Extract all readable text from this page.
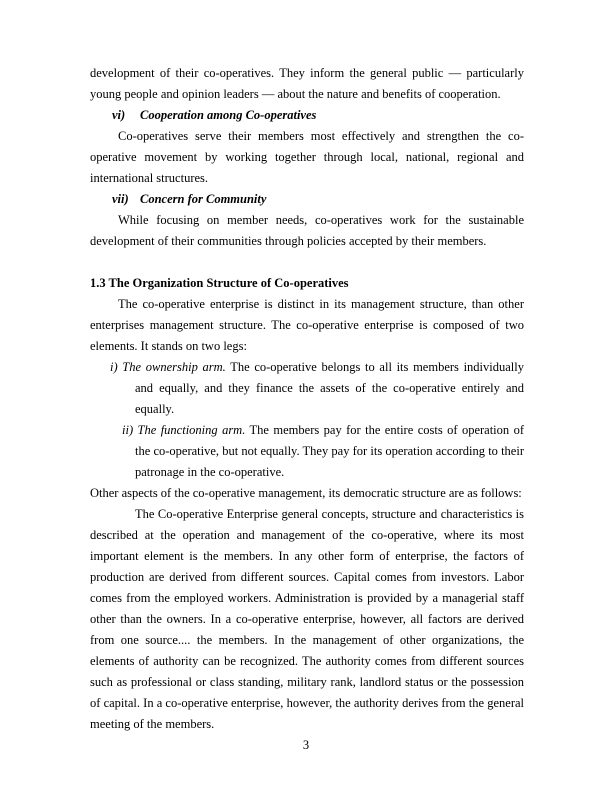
development of their co-operatives. They inform the general public — particularly young people and opinion leaders — about the nature and benefits of cooperation.

vi) Cooperation among Co-operatives

Co-operatives serve their members most effectively and strengthen the co-operative movement by working together through local, national, regional and international structures.

vii) Concern for Community

While focusing on member needs, co-operatives work for the sustainable development of their communities through policies accepted by their members.

1.3 The Organization Structure of Co-operatives

The co-operative enterprise is distinct in its management structure, than other enterprises management structure. The co-operative enterprise is composed of two elements. It stands on two legs:

i) The ownership arm. The co-operative belongs to all its members individually and equally, and they finance the assets of the co-operative entirely and equally.

ii) The functioning arm. The members pay for the entire costs of operation of the co-operative, but not equally. They pay for its operation according to their patronage in the co-operative.

Other aspects of the co-operative management, its democratic structure are as follows:

The Co-operative Enterprise general concepts, structure and characteristics is described at the operation and management of the co-operative, where its most important element is the members. In any other form of enterprise, the factors of production are derived from different sources. Capital comes from investors. Labor comes from the employed workers. Administration is provided by a managerial staff other than the owners. In a co-operative enterprise, however, all factors are derived from one source.... the members. In the management of other organizations, the elements of authority can be recognized. The authority comes from different sources such as professional or class standing, military rank, landlord status or the possession of capital. In a co-operative enterprise, however, the authority derives from the general meeting of the members.

3
